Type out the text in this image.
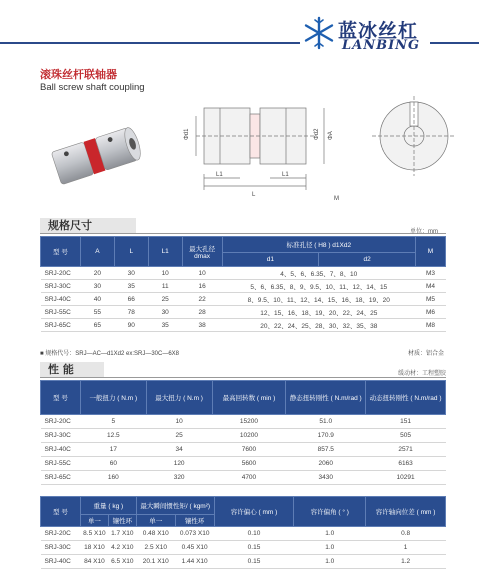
蓝冰丝杠
LANBING
滚珠丝杆联轴器
Ball screw shaft coupling
Φd1	Φd2 ΦA
L1	L1
L
M
规格尺寸	单位：mm
型 号	A	L	L1	最大孔径 dmax	标准孔径 ( H8 ) d1Xd2		M
					d1	d2	
SRJ-20C	20	30	10	10	4、5、6、6.35、7、8、10		M3
SRJ-30C	30	35	11	16	5、6、6.35、8、9、9.5、10、11、12、14、15		M4
SRJ-40C	40	66	25	22	8、9.5、10、11、12、14、15、16、18、19、20		M5
SRJ-55C	55	78	30	28	12、15、16、18、19、20、22、24、25		M6
SRJ-65C	65	90	35	38	20、22、24、25、28、30、32、35、38		M8
■ 规格代号：SRJ—AC—d1Xd2 ex:SRJ—30C—6X8	材质：铝合金
性 能	缓动材：工程塑胶
型 号	一般扭力 ( N.m )	最大扭力 ( N.m )	最高回转数 ( min )	静态扭转刚性 ( N.m/rad )	动态扭转刚性 ( N.m/rad )
SRJ-20C	5	10	15200	51.0	151
SRJ-30C	12.5	25	10200	170.9	505
SRJ-40C	17	34	7600	857.5	2571
SRJ-55C	60	120	5600	2060	6163
SRJ-65C	160	320	4700	3430	10291
型 号	重量 ( kg )		最大瞬间惯性矩/ ( kgm²)		容许偏心 ( mm )	容许偏角 ( ° )	容许轴向位差 ( mm )
	单一	镶性环	单一	镶性环			
SRJ-20C	8.5 X10	1.7 X10	0.48 X10	0.073 X10	0.10	1.0	0.8
SRJ-30C	18 X10	4.2 X10	2.5 X10	0.45 X10	0.15	1.0	1
SRJ-40C	84 X10	6.5 X10	20.1 X10	1.44 X10	0.15	1.0	1.2
